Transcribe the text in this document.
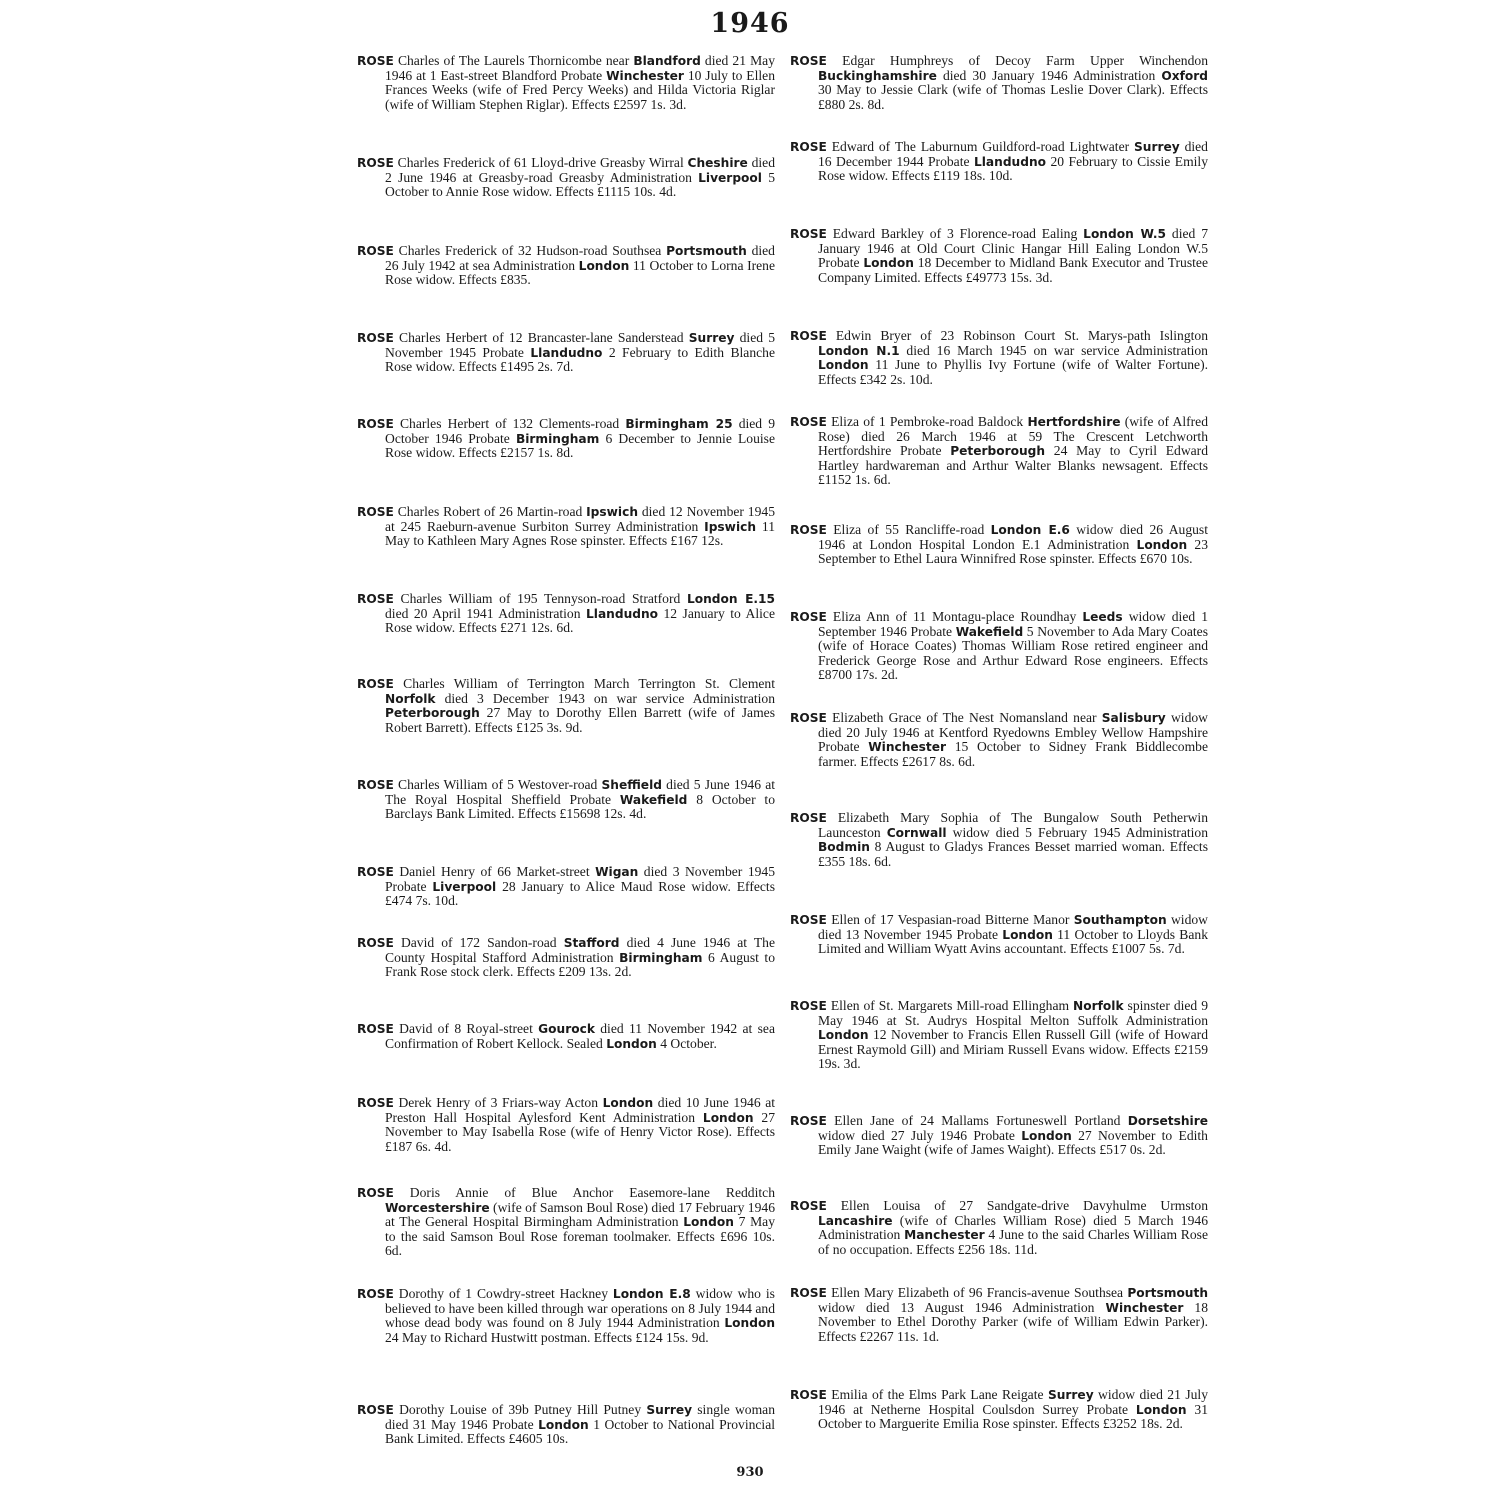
1946
ROSE Charles of The Laurels Thornicombe near Blandford died 21 May 1946 at 1 East-street Blandford Probate Winchester 10 July to Ellen Frances Weeks (wife of Fred Percy Weeks) and Hilda Victoria Riglar (wife of William Stephen Riglar). Effects £2597 1s. 3d.
ROSE Charles Frederick of 61 Lloyd-drive Greasby Wirral Cheshire died 2 June 1946 at Greasby-road Greasby Administration Liverpool 5 October to Annie Rose widow. Effects £1115 10s. 4d.
ROSE Charles Frederick of 32 Hudson-road Southsea Portsmouth died 26 July 1942 at sea Administration London 11 October to Lorna Irene Rose widow. Effects £835.
ROSE Charles Herbert of 12 Brancaster-lane Sanderstead Surrey died 5 November 1945 Probate Llandudno 2 February to Edith Blanche Rose widow. Effects £1495 2s. 7d.
ROSE Charles Herbert of 132 Clements-road Birmingham 25 died 9 October 1946 Probate Birmingham 6 December to Jennie Louise Rose widow. Effects £2157 1s. 8d.
ROSE Charles Robert of 26 Martin-road Ipswich died 12 November 1945 at 245 Raeburn-avenue Surbiton Surrey Administration Ipswich 11 May to Kathleen Mary Agnes Rose spinster. Effects £167 12s.
ROSE Charles William of 195 Tennyson-road Stratford London E.15 died 20 April 1941 Administration Llandudno 12 January to Alice Rose widow. Effects £271 12s. 6d.
ROSE Charles William of Terrington March Terrington St. Clement Norfolk died 3 December 1943 on war service Administration Peterborough 27 May to Dorothy Ellen Barrett (wife of James Robert Barrett). Effects £125 3s. 9d.
ROSE Charles William of 5 Westover-road Sheffield died 5 June 1946 at The Royal Hospital Sheffield Probate Wakefield 8 October to Barclays Bank Limited. Effects £15698 12s. 4d.
ROSE Daniel Henry of 66 Market-street Wigan died 3 November 1945 Probate Liverpool 28 January to Alice Maud Rose widow. Effects £474 7s. 10d.
ROSE David of 172 Sandon-road Stafford died 4 June 1946 at The County Hospital Stafford Administration Birmingham 6 August to Frank Rose stock clerk. Effects £209 13s. 2d.
ROSE David of 8 Royal-street Gourock died 11 November 1942 at sea Confirmation of Robert Kellock. Sealed London 4 October.
ROSE Derek Henry of 3 Friars-way Acton London died 10 June 1946 at Preston Hall Hospital Aylesford Kent Administration London 27 November to May Isabella Rose (wife of Henry Victor Rose). Effects £187 6s. 4d.
ROSE Doris Annie of Blue Anchor Easemore-lane Redditch Worcestershire (wife of Samson Boul Rose) died 17 February 1946 at The General Hospital Birmingham Administration London 7 May to the said Samson Boul Rose foreman toolmaker. Effects £696 10s. 6d.
ROSE Dorothy of 1 Cowdry-street Hackney London E.8 widow who is believed to have been killed through war operations on 8 July 1944 and whose dead body was found on 8 July 1944 Administration London 24 May to Richard Hustwitt postman. Effects £124 15s. 9d.
ROSE Dorothy Louise of 39b Putney Hill Putney Surrey single woman died 31 May 1946 Probate London 1 October to National Provincial Bank Limited. Effects £4605 10s.
ROSE Edgar Humphreys of Decoy Farm Upper Winchendon Buckinghamshire died 30 January 1946 Administration Oxford 30 May to Jessie Clark (wife of Thomas Leslie Dover Clark). Effects £880 2s. 8d.
ROSE Edward of The Laburnum Guildford-road Lightwater Surrey died 16 December 1944 Probate Llandudno 20 February to Cissie Emily Rose widow. Effects £119 18s. 10d.
ROSE Edward Barkley of 3 Florence-road Ealing London W.5 died 7 January 1946 at Old Court Clinic Hangar Hill Ealing London W.5 Probate London 18 December to Midland Bank Executor and Trustee Company Limited. Effects £49773 15s. 3d.
ROSE Edwin Bryer of 23 Robinson Court St. Marys-path Islington London N.1 died 16 March 1945 on war service Administration London 11 June to Phyllis Ivy Fortune (wife of Walter Fortune). Effects £342 2s. 10d.
ROSE Eliza of 1 Pembroke-road Baldock Hertfordshire (wife of Alfred Rose) died 26 March 1946 at 59 The Crescent Letchworth Hertfordshire Probate Peterborough 24 May to Cyril Edward Hartley hardwareman and Arthur Walter Blanks newsagent. Effects £1152 1s. 6d.
ROSE Eliza of 55 Rancliffe-road London E.6 widow died 26 August 1946 at London Hospital London E.1 Administration London 23 September to Ethel Laura Winnifred Rose spinster. Effects £670 10s.
ROSE Eliza Ann of 11 Montagu-place Roundhay Leeds widow died 1 September 1946 Probate Wakefield 5 November to Ada Mary Coates (wife of Horace Coates) Thomas William Rose retired engineer and Frederick George Rose and Arthur Edward Rose engineers. Effects £8700 17s. 2d.
ROSE Elizabeth Grace of The Nest Nomansland near Salisbury widow died 20 July 1946 at Kentford Ryedowns Embley Wellow Hampshire Probate Winchester 15 October to Sidney Frank Biddlecombe farmer. Effects £2617 8s. 6d.
ROSE Elizabeth Mary Sophia of The Bungalow South Petherwin Launceston Cornwall widow died 5 February 1945 Administration Bodmin 8 August to Gladys Frances Besset married woman. Effects £355 18s. 6d.
ROSE Ellen of 17 Vespasian-road Bitterne Manor Southampton widow died 13 November 1945 Probate London 11 October to Lloyds Bank Limited and William Wyatt Avins accountant. Effects £1007 5s. 7d.
ROSE Ellen of St. Margarets Mill-road Ellingham Norfolk spinster died 9 May 1946 at St. Audrys Hospital Melton Suffolk Administration London 12 November to Francis Ellen Russell Gill (wife of Howard Ernest Raymold Gill) and Miriam Russell Evans widow. Effects £2159 19s. 3d.
ROSE Ellen Jane of 24 Mallams Fortuneswell Portland Dorsetshire widow died 27 July 1946 Probate London 27 November to Edith Emily Jane Waight (wife of James Waight). Effects £517 0s. 2d.
ROSE Ellen Louisa of 27 Sandgate-drive Davyhulme Urmston Lancashire (wife of Charles William Rose) died 5 March 1946 Administration Manchester 4 June to the said Charles William Rose of no occupation. Effects £256 18s. 11d.
ROSE Ellen Mary Elizabeth of 96 Francis-avenue Southsea Portsmouth widow died 13 August 1946 Administration Winchester 18 November to Ethel Dorothy Parker (wife of William Edwin Parker). Effects £2267 11s. 1d.
ROSE Emilia of the Elms Park Lane Reigate Surrey widow died 21 July 1946 at Netherne Hospital Coulsdon Surrey Probate London 31 October to Marguerite Emilia Rose spinster. Effects £3252 18s. 2d.
930
